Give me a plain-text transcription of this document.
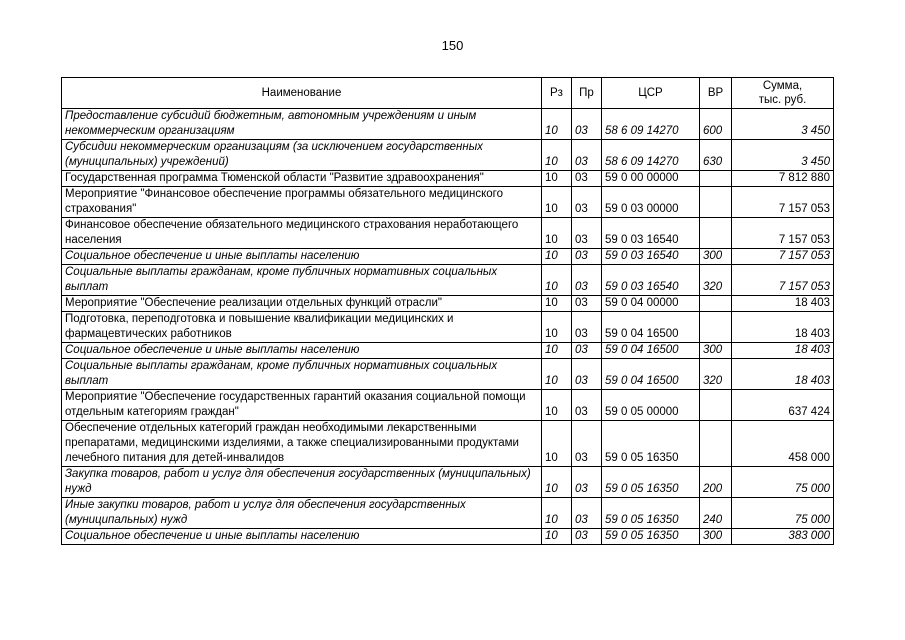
150
Наименование	Рз	Пр	ЦСР	ВР	Сумма,
тыс. руб.
Предоставление субсидий бюджетным, автономным учреждениям и иным некоммерческим организациям	10	03	58 6 09 14270	600	3 450
Субсидии некоммерческим организациям (за исключением государственных (муниципальных) учреждений)	10	03	58 6 09 14270	630	3 450
Государственная программа Тюменской области "Развитие здравоохранения"	10	03	59 0 00 00000		7 812 880
Мероприятие "Финансовое обеспечение программы обязательного медицинского страхования"	10	03	59 0 03 00000		7 157 053
Финансовое обеспечение обязательного медицинского страхования неработающего населения	10	03	59 0 03 16540		7 157 053
Социальное обеспечение и иные выплаты населению	10	03	59 0 03 16540	300	7 157 053
Социальные выплаты гражданам, кроме публичных нормативных социальных выплат	10	03	59 0 03 16540	320	7 157 053
Мероприятие "Обеспечение реализации отдельных функций отрасли"	10	03	59 0 04 00000		18 403
Подготовка, переподготовка и повышение квалификации медицинских и фармацевтических работников	10	03	59 0 04 16500		18 403
Социальное обеспечение и иные выплаты населению	10	03	59 0 04 16500	300	18 403
Социальные выплаты гражданам, кроме публичных нормативных социальных выплат	10	03	59 0 04 16500	320	18 403
Мероприятие "Обеспечение государственных гарантий оказания социальной помощи отдельным категориям граждан"	10	03	59 0 05 00000		637 424
Обеспечение отдельных категорий граждан необходимыми лекарственными препаратами, медицинскими изделиями, а также специализированными продуктами лечебного питания для детей-инвалидов	10	03	59 0 05 16350		458 000
Закупка товаров, работ и услуг для обеспечения государственных (муниципальных) нужд	10	03	59 0 05 16350	200	75 000
Иные закупки товаров, работ и услуг для обеспечения государственных (муниципальных) нужд	10	03	59 0 05 16350	240	75 000
Социальное обеспечение и иные выплаты населению	10	03	59 0 05 16350	300	383 000
